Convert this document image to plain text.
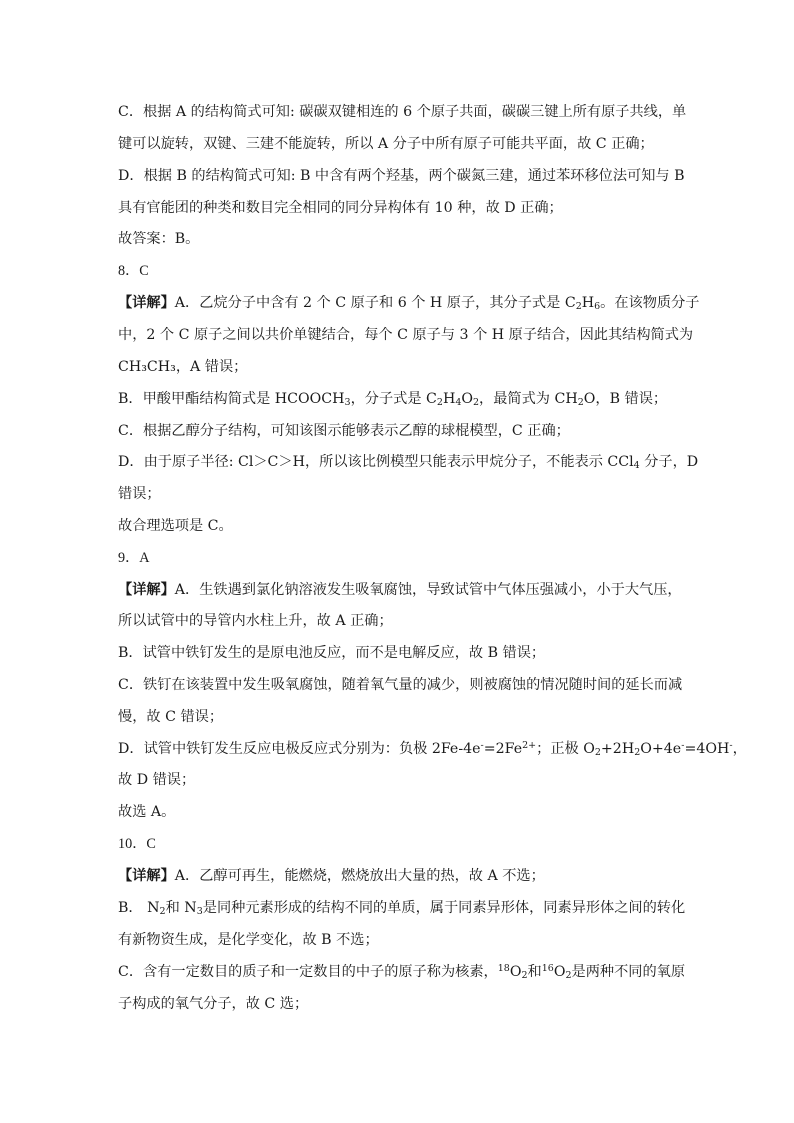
C．根据 A 的结构简式可知: 碳碳双键相连的 6 个原子共面，碳碳三键上所有原子共线，单
键可以旋转，双键、三建不能旋转，所以 A 分子中所有原子可能共平面，故 C 正确；
D．根据 B 的结构简式可知: B 中含有两个羟基，两个碳氮三建，通过苯环移位法可知与 B
具有官能团的种类和数目完全相同的同分异构体有 10 种，故 D 正确；
故答案：B。
8．C
【详解】A．乙烷分子中含有 2 个 C 原子和 6 个 H 原子，其分子式是 $C_2H_6$。在该物质分子
中，2 个 C 原子之间以共价单键结合，每个 C 原子与 3 个 H 原子结合，因此其结构简式为
CH₃CH₃，A 错误；
B．甲酸甲酯结构简式是 $HCOOCH_3$，分子式是 $C_2H_4O_2$，最简式为 $CH_2O$，B 错误；
C．根据乙醇分子结构，可知该图示能够表示乙醇的球棍模型，C 正确；
D．由于原子半径: Cl＞C＞H，所以该比例模型只能表示甲烷分子，不能表示 CCl$_4$ 分子，D
错误；
故合理选项是 C。
9．A
【详解】A．生铁遇到氯化钠溶液发生吸氧腐蚀，导致试管中气体压强减小，小于大气压，
所以试管中的导管内水柱上升，故 A 正确；
B．试管中铁钉发生的是原电池反应，而不是电解反应，故 B 错误；
C．铁钉在该装置中发生吸氧腐蚀，随着氧气量的减少，则被腐蚀的情况随时间的延长而减
慢，故 C 错误；
D．试管中铁钉发生反应电极反应式分别为：负极 $2Fe-4e^-=2Fe^{2+}$；正极 $O_2+2H_2O+4e^-=4OH^-$，
故 D 错误；
故选 A。
10．C
【详解】A．乙醇可再生，能燃烧，燃烧放出大量的热，故 A 不选；
B． $N_2$和 $N_3$是同种元素形成的结构不同的单质，属于同素异形体，同素异形体之间的转化
有新物资生成，是化学变化，故 B 不选；
C．含有一定数目的质子和一定数目的中子的原子称为核素，$^{18}O_2$和$^{16}O_2$是两种不同的氧原
子构成的氧气分子，故 C 选；
